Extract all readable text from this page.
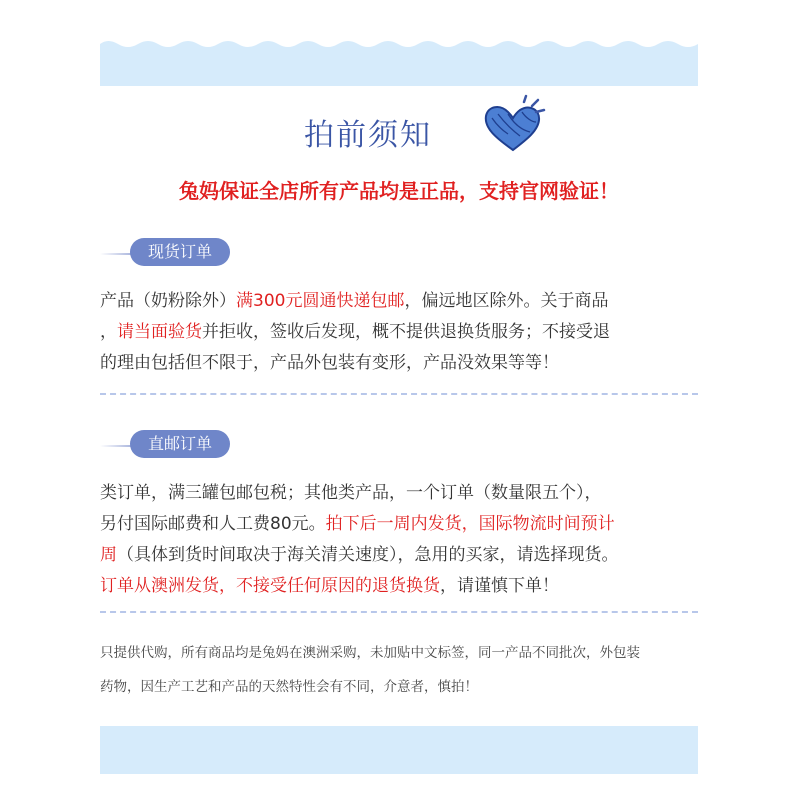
拍前须知
兔妈保证全店所有产品均是正品，支持官网验证！
现货订单
产品（奶粉除外）满300元圆通快递包邮，偏远地区除外。关于商品
，请当面验货并拒收，签收后发现，概不提供退换货服务；不接受退
的理由包括但不限于，产品外包装有变形，产品没效果等等！
直邮订单
类订单，满三罐包邮包税；其他类产品，一个订单（数量限五个），
另付国际邮费和人工费80元。拍下后一周内发货，国际物流时间预计
周（具体到货时间取决于海关清关速度），急用的买家，请选择现货。
订单从澳洲发货，不接受任何原因的退货换货，请谨慎下单！
只提供代购，所有商品均是兔妈在澳洲采购，未加贴中文标签，同一产品不同批次，外包装
药物，因生产工艺和产品的天然特性会有不同，介意者，慎拍！
